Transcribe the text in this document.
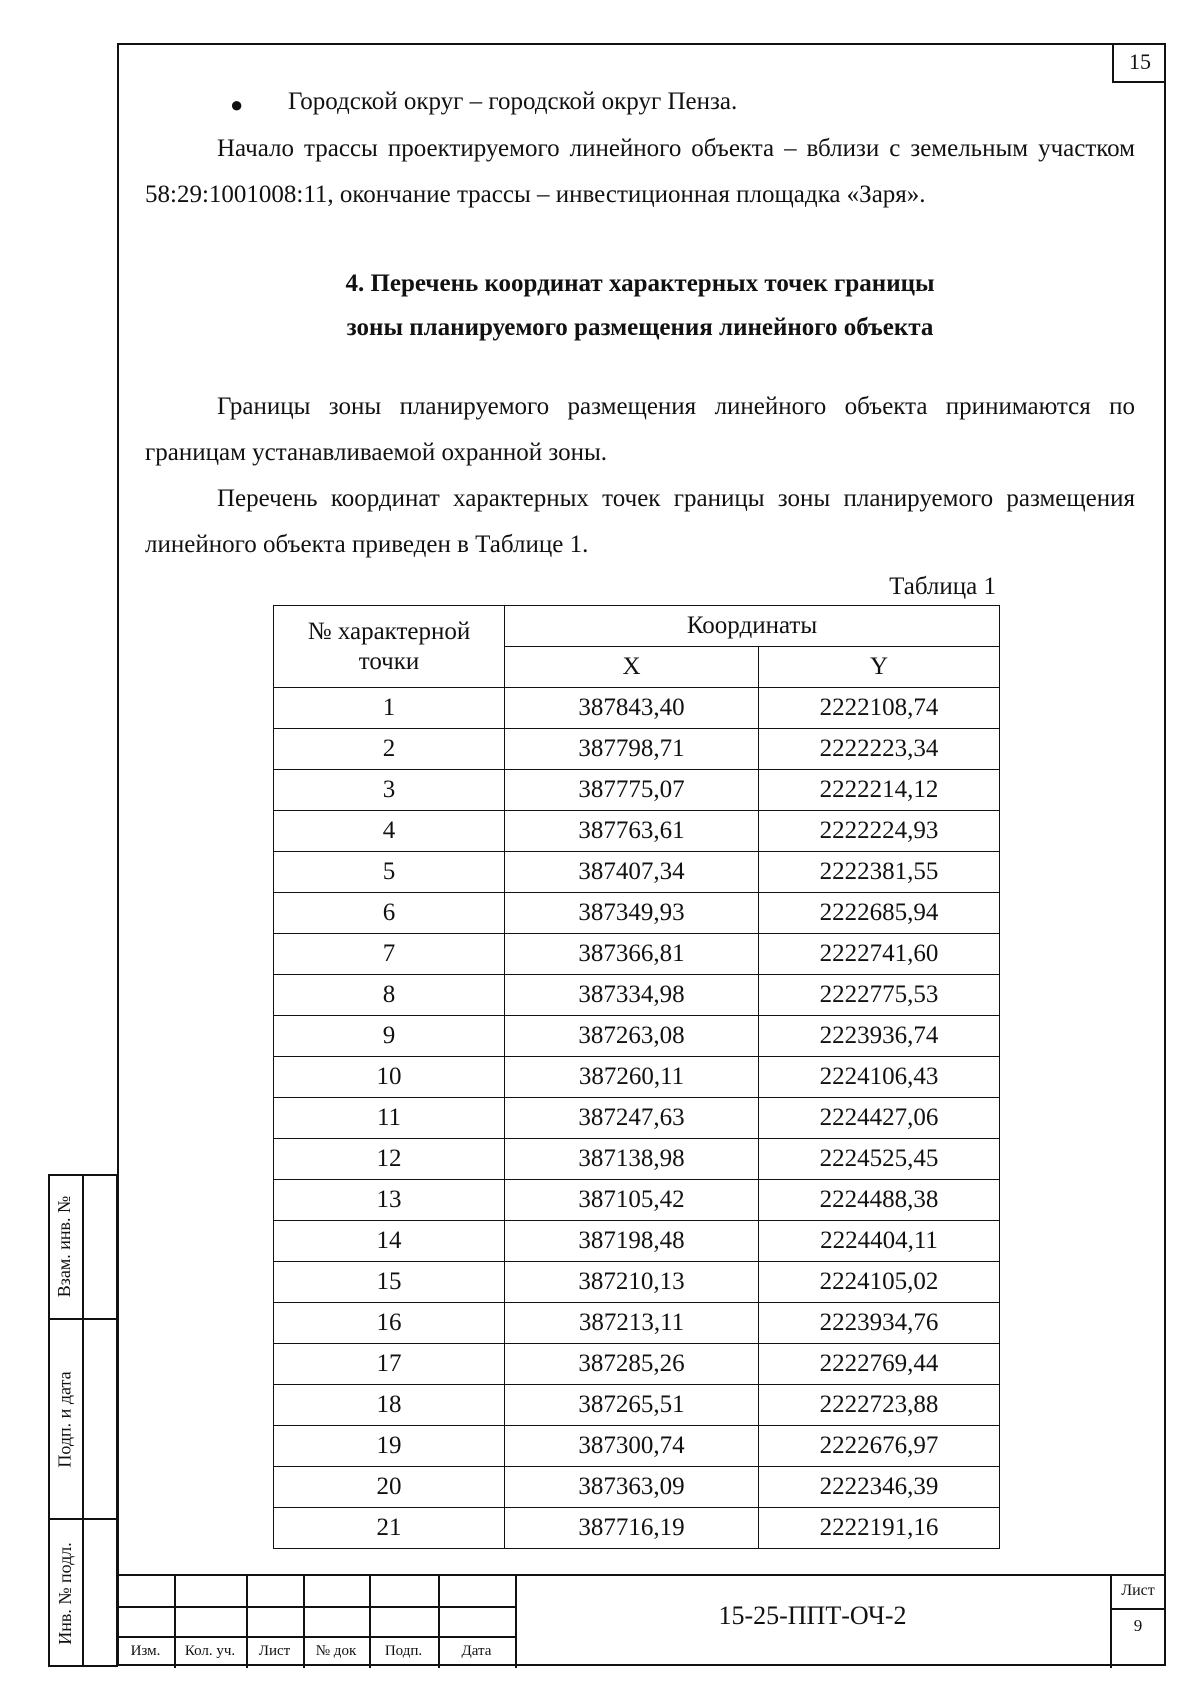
15
● Городской округ – городской округ Пенза.
Начало трассы проектируемого линейного объекта – вблизи с земельным участком 58:29:1001008:11, окончание трассы – инвестиционная площадка «Заря».
4. Перечень координат характерных точек границы
зоны планируемого размещения линейного объекта
Границы зоны планируемого размещения линейного объекта принимаются по границам устанавливаемой охранной зоны.
Перечень координат характерных точек границы зоны планируемого размещения линейного объекта приведен в Таблице 1.
Таблица 1
№ характерной
точки	Координаты	
	X	Y
1	387843,40	2222108,74
2	387798,71	2222223,34
3	387775,07	2222214,12
4	387763,61	2222224,93
5	387407,34	2222381,55
6	387349,93	2222685,94
7	387366,81	2222741,60
8	387334,98	2222775,53
9	387263,08	2223936,74
10	387260,11	2224106,43
11	387247,63	2224427,06
12	387138,98	2224525,45
13	387105,42	2224488,38
14	387198,48	2224404,11
15	387210,13	2224105,02
16	387213,11	2223934,76
17	387285,26	2222769,44
18	387265,51	2222723,88
19	387300,74	2222676,97
20	387363,09	2222346,39
21	387716,19	2222191,16
Взам. инв. №
Подп. и дата
Инв. № подл.
Изм.	Кол. уч.	Лист	№ док	Подп.	Дата
15-25-ППТ-ОЧ-2
Лист
9
